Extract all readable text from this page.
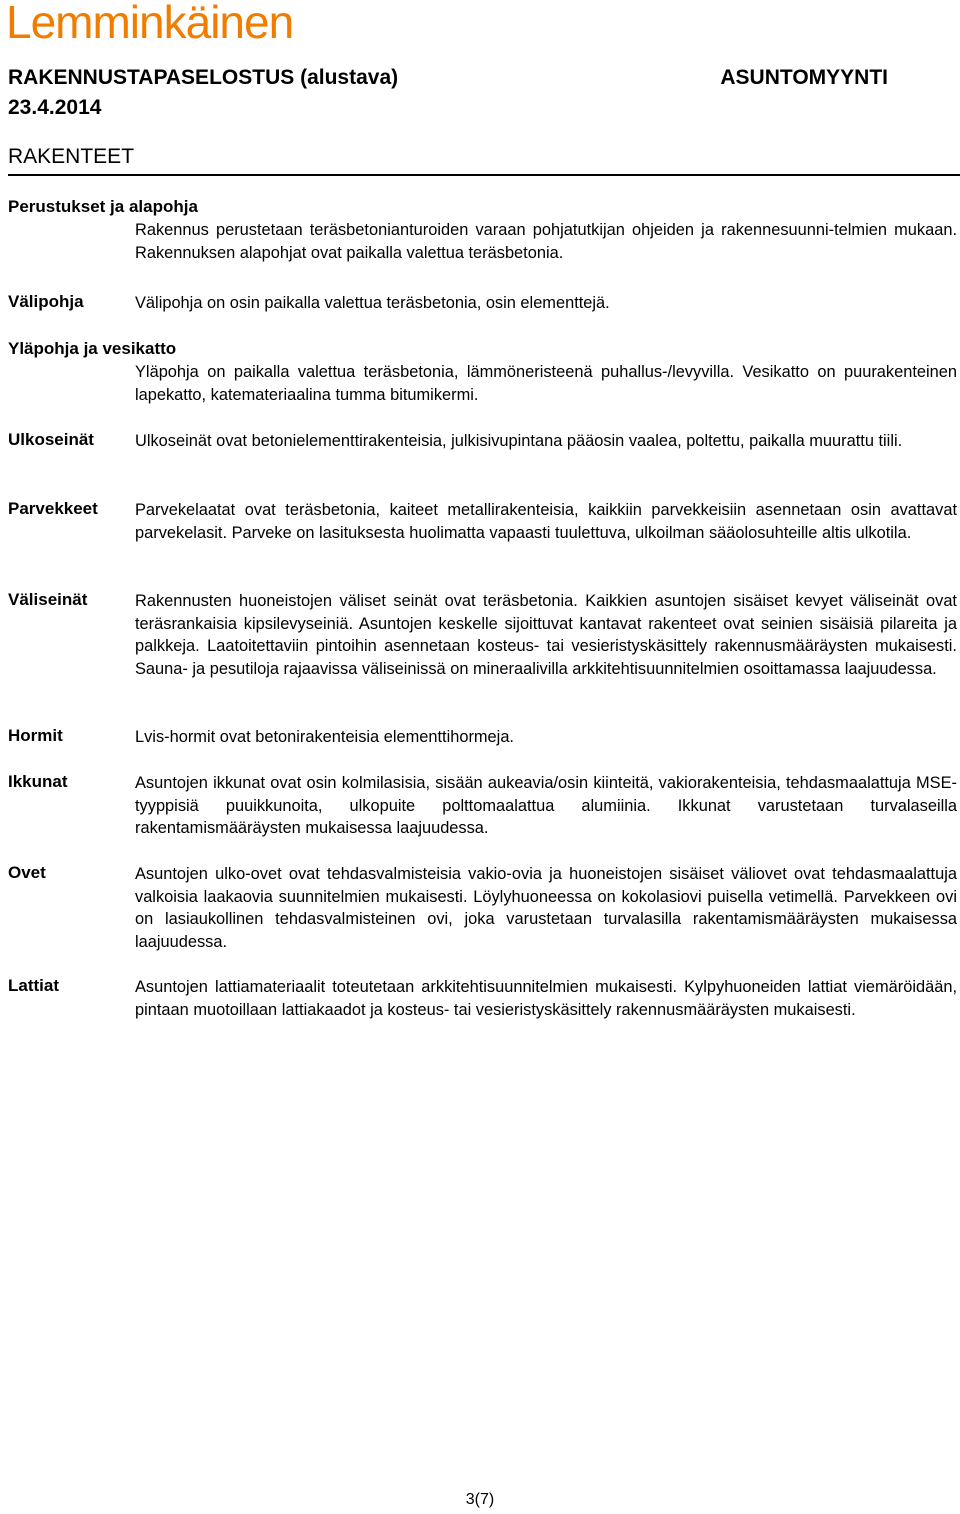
Lemminkäinen
RAKENNUSTAPASELOSTUS (alustava)
23.4.2014
ASUNTOMYYNTI
RAKENTEET
Perustukset ja alapohja
Rakennus perustetaan teräsbetonianturoiden varaan pohjatutkijan ohjeiden ja rakennesuunni-telmien mukaan. Rakennuksen alapohjat ovat paikalla valettua teräsbetonia.
Välipohja	Välipohja on osin paikalla valettua teräsbetonia, osin elementtejä.
Yläpohja ja vesikatto
Yläpohja on paikalla valettua teräsbetonia, lämmöneristeenä puhallus-/levyvilla. Vesikatto on puurakenteinen lapekatto, katemateriaalina tumma bitumikermi.
Ulkoseinät	Ulkoseinät ovat betonielementtirakenteisia, julkisivupintana pääosin vaalea, poltettu, paikalla muurattu tiili.
Parvekkeet Parvekelaatat ovat teräsbetonia, kaiteet metallirakenteisia, kaikkiin parvekkeisiin asennetaan osin avattavat parvekelasit. Parveke on lasituksesta huolimatta vapaasti tuulettuva, ulkoilman sääolosuhteille altis ulkotila.
Väliseinät	Rakennusten huoneistojen väliset seinät ovat teräsbetonia. Kaikkien asuntojen sisäiset kevyet väliseinät ovat teräsrankaisia kipsilevyseiniä. Asuntojen keskelle sijoittuvat kantavat rakenteet ovat seinien sisäisiä pilareita ja palkkeja. Laatoitettaviin pintoihin asennetaan kosteus- tai vesieristyskäsittely rakennusmääräysten mukaisesti. Sauna- ja pesutiloja rajaavissa väliseinissä on mineraalivilla arkkitehtisuunnitelmien osoittamassa laajuudessa.
Hormit	Lvis-hormit ovat betonirakenteisia elementtihormeja.
Ikkunat	Asuntojen ikkunat ovat osin kolmilasisia, sisään aukeavia/osin kiinteitä, vakiorakenteisia, tehdasmaalattuja MSE-tyyppisiä puuikkunoita, ulkopuite polttomaalattua alumiinia. Ikkunat varustetaan turvalaseilla rakentamismääräysten mukaisessa laajuudessa.
Ovet	Asuntojen ulko-ovet ovat tehdasvalmisteisia vakio-ovia ja huoneistojen sisäiset väliovet ovat tehdasmaalattuja valkoisia laakaovia suunnitelmien mukaisesti. Löylyhuoneessa on kokolasiovi puisella vetimellä. Parvekkeen ovi on lasiaukollinen tehdasvalmisteinen ovi, joka varustetaan turvalasilla rakentamismääräysten mukaisessa laajuudessa.
Lattiat	Asuntojen lattiamateriaalit toteutetaan arkkitehtisuunnitelmien mukaisesti. Kylpyhuoneiden lattiat viemäröidään, pintaan muotoillaan lattiakaadot ja kosteus- tai vesieristyskäsittely rakennusmääräysten mukaisesti.
3(7)
